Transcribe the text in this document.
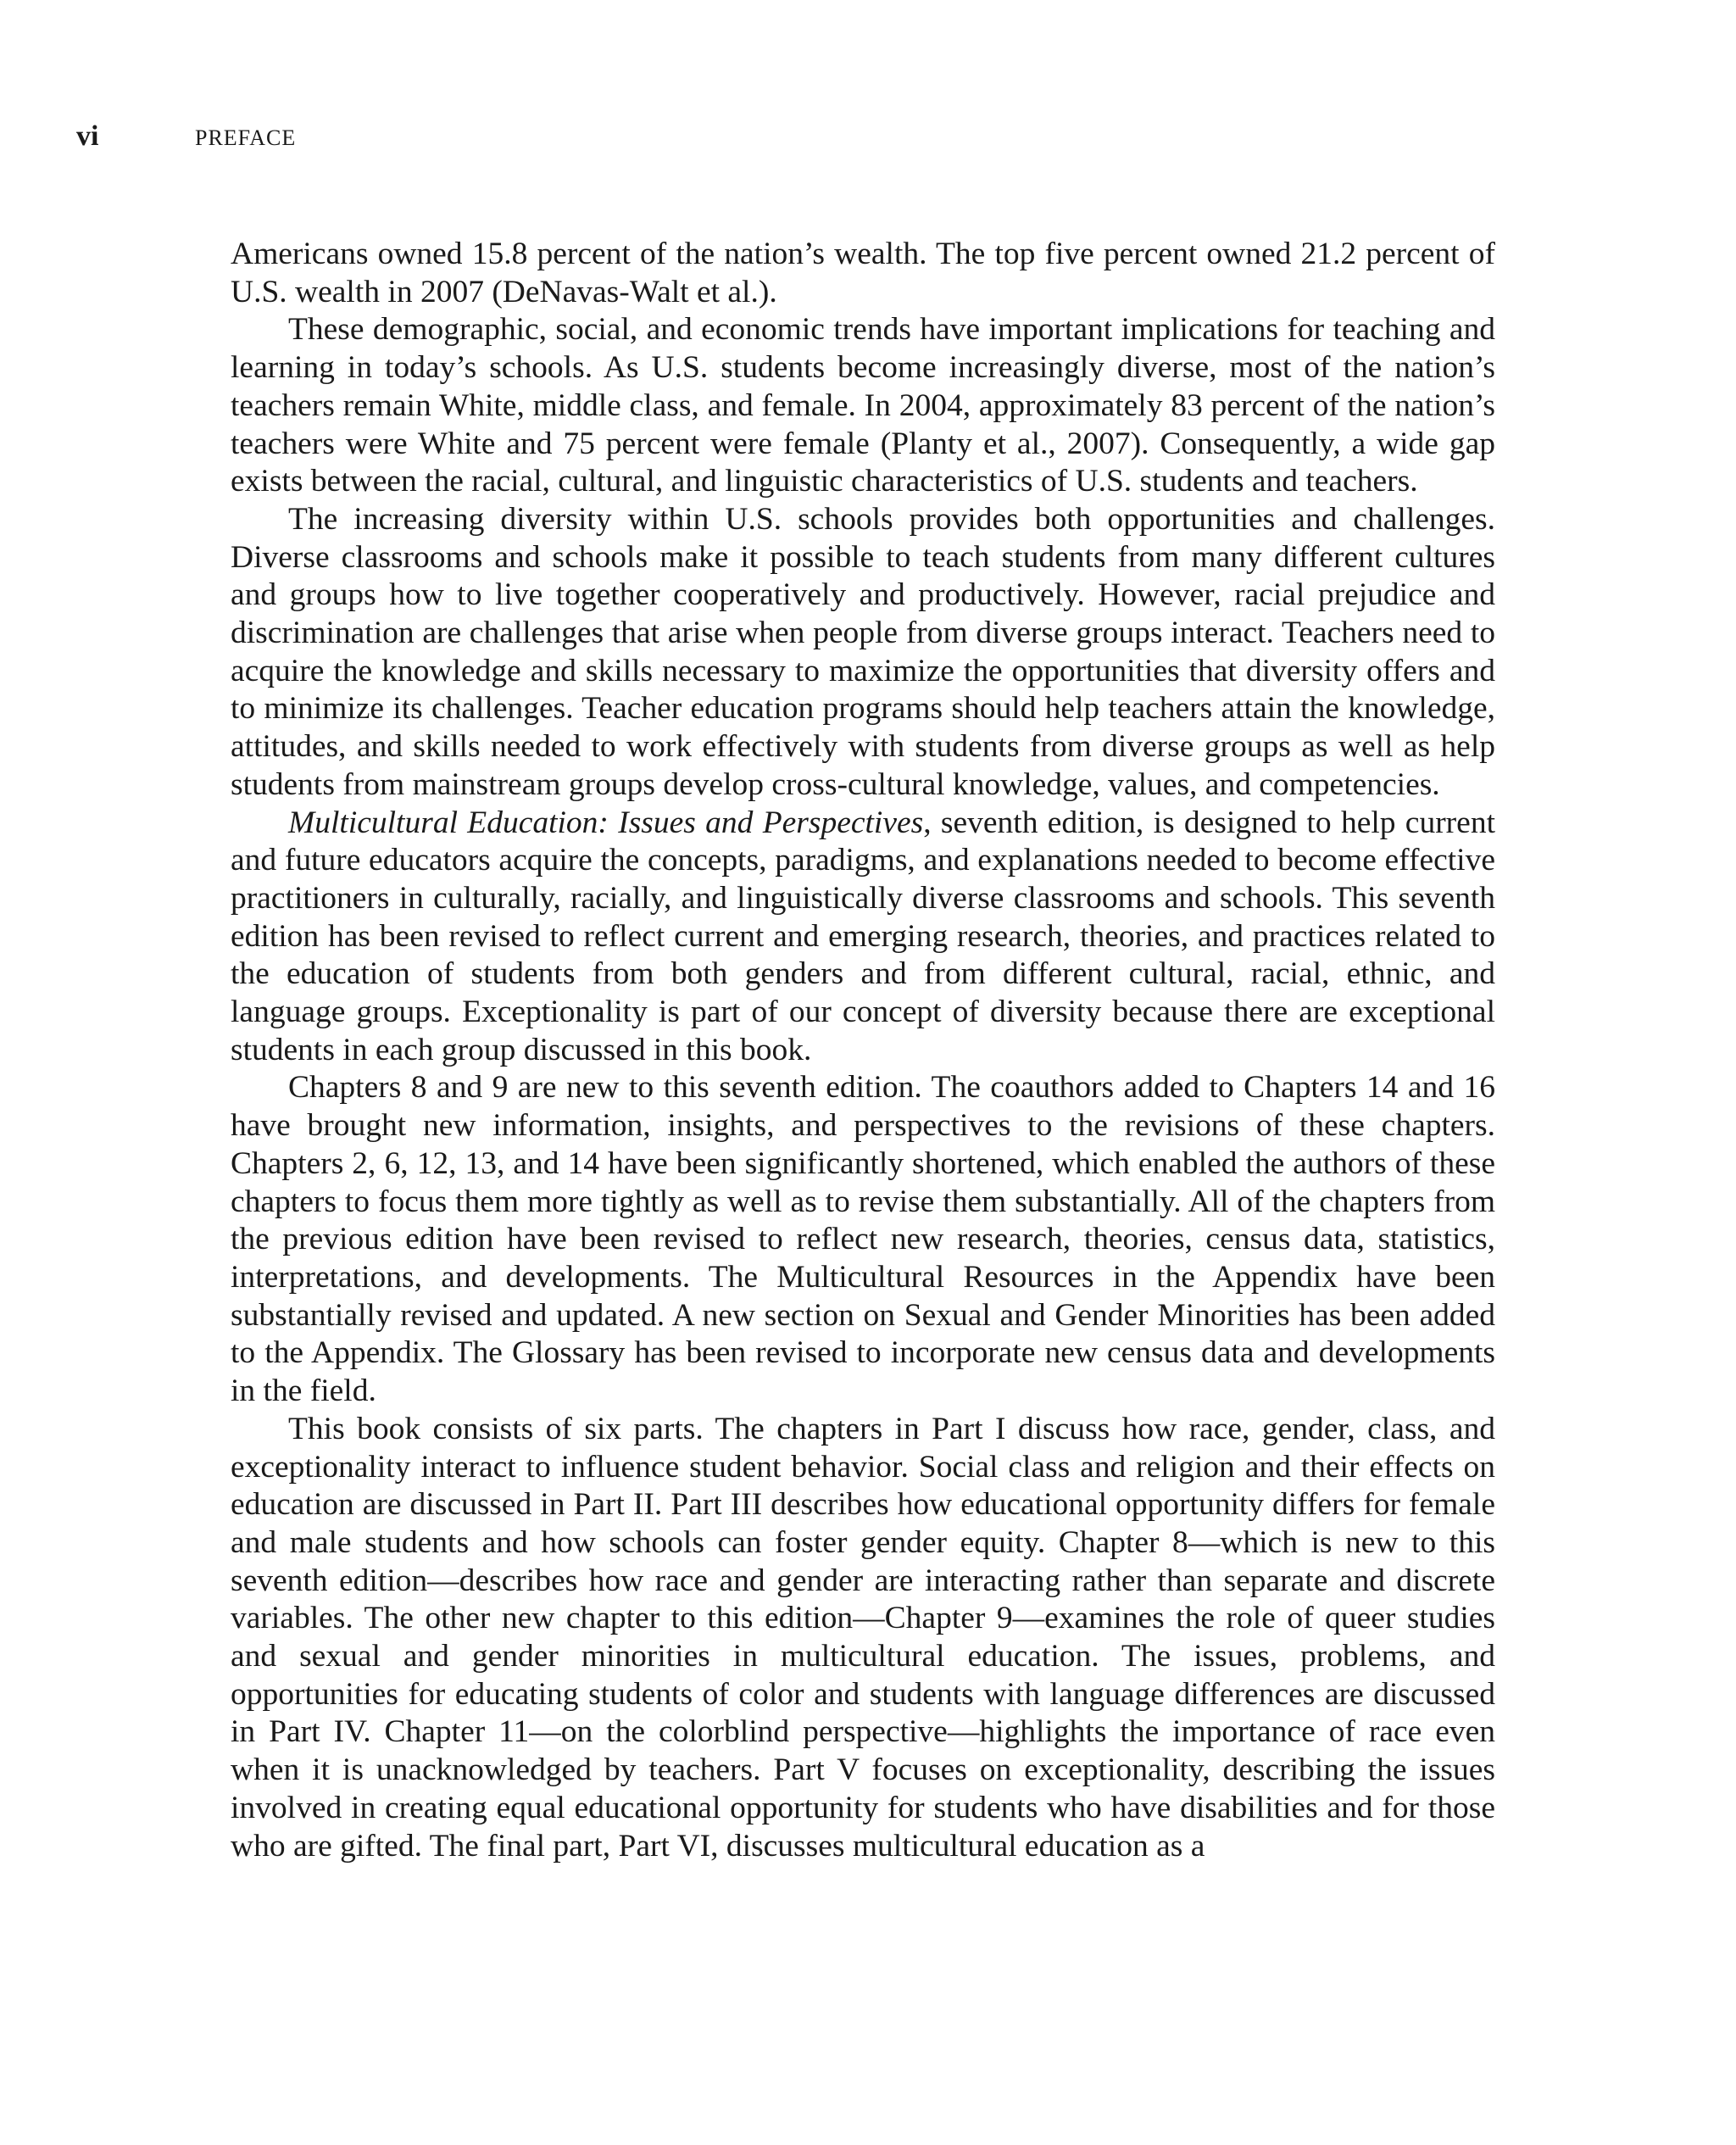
vi	PREFACE

Americans owned 15.8 percent of the nation’s wealth. The top five percent owned 21.2 percent of U.S. wealth in 2007 (DeNavas-Walt et al.).

These demographic, social, and economic trends have important implications for teaching and learning in today’s schools. As U.S. students become increasingly diverse, most of the nation’s teachers remain White, middle class, and female. In 2004, approximately 83 percent of the nation’s teachers were White and 75 percent were female (Planty et al., 2007). Consequently, a wide gap exists between the racial, cultural, and linguistic characteristics of U.S. students and teachers.

The increasing diversity within U.S. schools provides both opportunities and challenges. Diverse classrooms and schools make it possible to teach students from many different cultures and groups how to live together cooperatively and productively. However, racial prejudice and discrimination are challenges that arise when people from diverse groups interact. Teachers need to acquire the knowledge and skills necessary to maximize the opportunities that diversity offers and to minimize its challenges. Teacher education programs should help teachers attain the knowledge, attitudes, and skills needed to work effectively with students from diverse groups as well as help students from mainstream groups develop cross-cultural knowledge, values, and competencies.

Multicultural Education: Issues and Perspectives, seventh edition, is designed to help current and future educators acquire the concepts, paradigms, and explanations needed to become effective practitioners in culturally, racially, and linguistically diverse classrooms and schools. This seventh edition has been revised to reflect current and emerging research, theories, and practices related to the education of students from both genders and from different cultural, racial, ethnic, and language groups. Exceptionality is part of our concept of diversity because there are exceptional students in each group discussed in this book.

Chapters 8 and 9 are new to this seventh edition. The coauthors added to Chapters 14 and 16 have brought new information, insights, and perspectives to the revisions of these chapters. Chapters 2, 6, 12, 13, and 14 have been significantly shortened, which enabled the authors of these chapters to focus them more tightly as well as to revise them substantially. All of the chapters from the previous edition have been revised to reflect new research, theories, census data, statistics, interpretations, and developments. The Multicultural Resources in the Appendix have been substantially revised and updated. A new section on Sexual and Gender Minorities has been added to the Appendix. The Glossary has been revised to incorporate new census data and developments in the field.

This book consists of six parts. The chapters in Part I discuss how race, gender, class, and exceptionality interact to influence student behavior. Social class and religion and their effects on education are discussed in Part II. Part III describes how educational opportunity differs for female and male students and how schools can foster gender equity. Chapter 8—which is new to this seventh edition—describes how race and gender are interacting rather than separate and discrete variables. The other new chapter to this edition—Chapter 9—examines the role of queer studies and sexual and gender minorities in multicultural education. The issues, problems, and opportunities for educating students of color and students with language differences are discussed in Part IV. Chapter 11—on the colorblind perspective—highlights the importance of race even when it is unacknowledged by teachers. Part V focuses on exceptionality, describing the issues involved in creating equal educational opportunity for students who have disabilities and for those who are gifted. The final part, Part VI, discusses multicultural education as a
